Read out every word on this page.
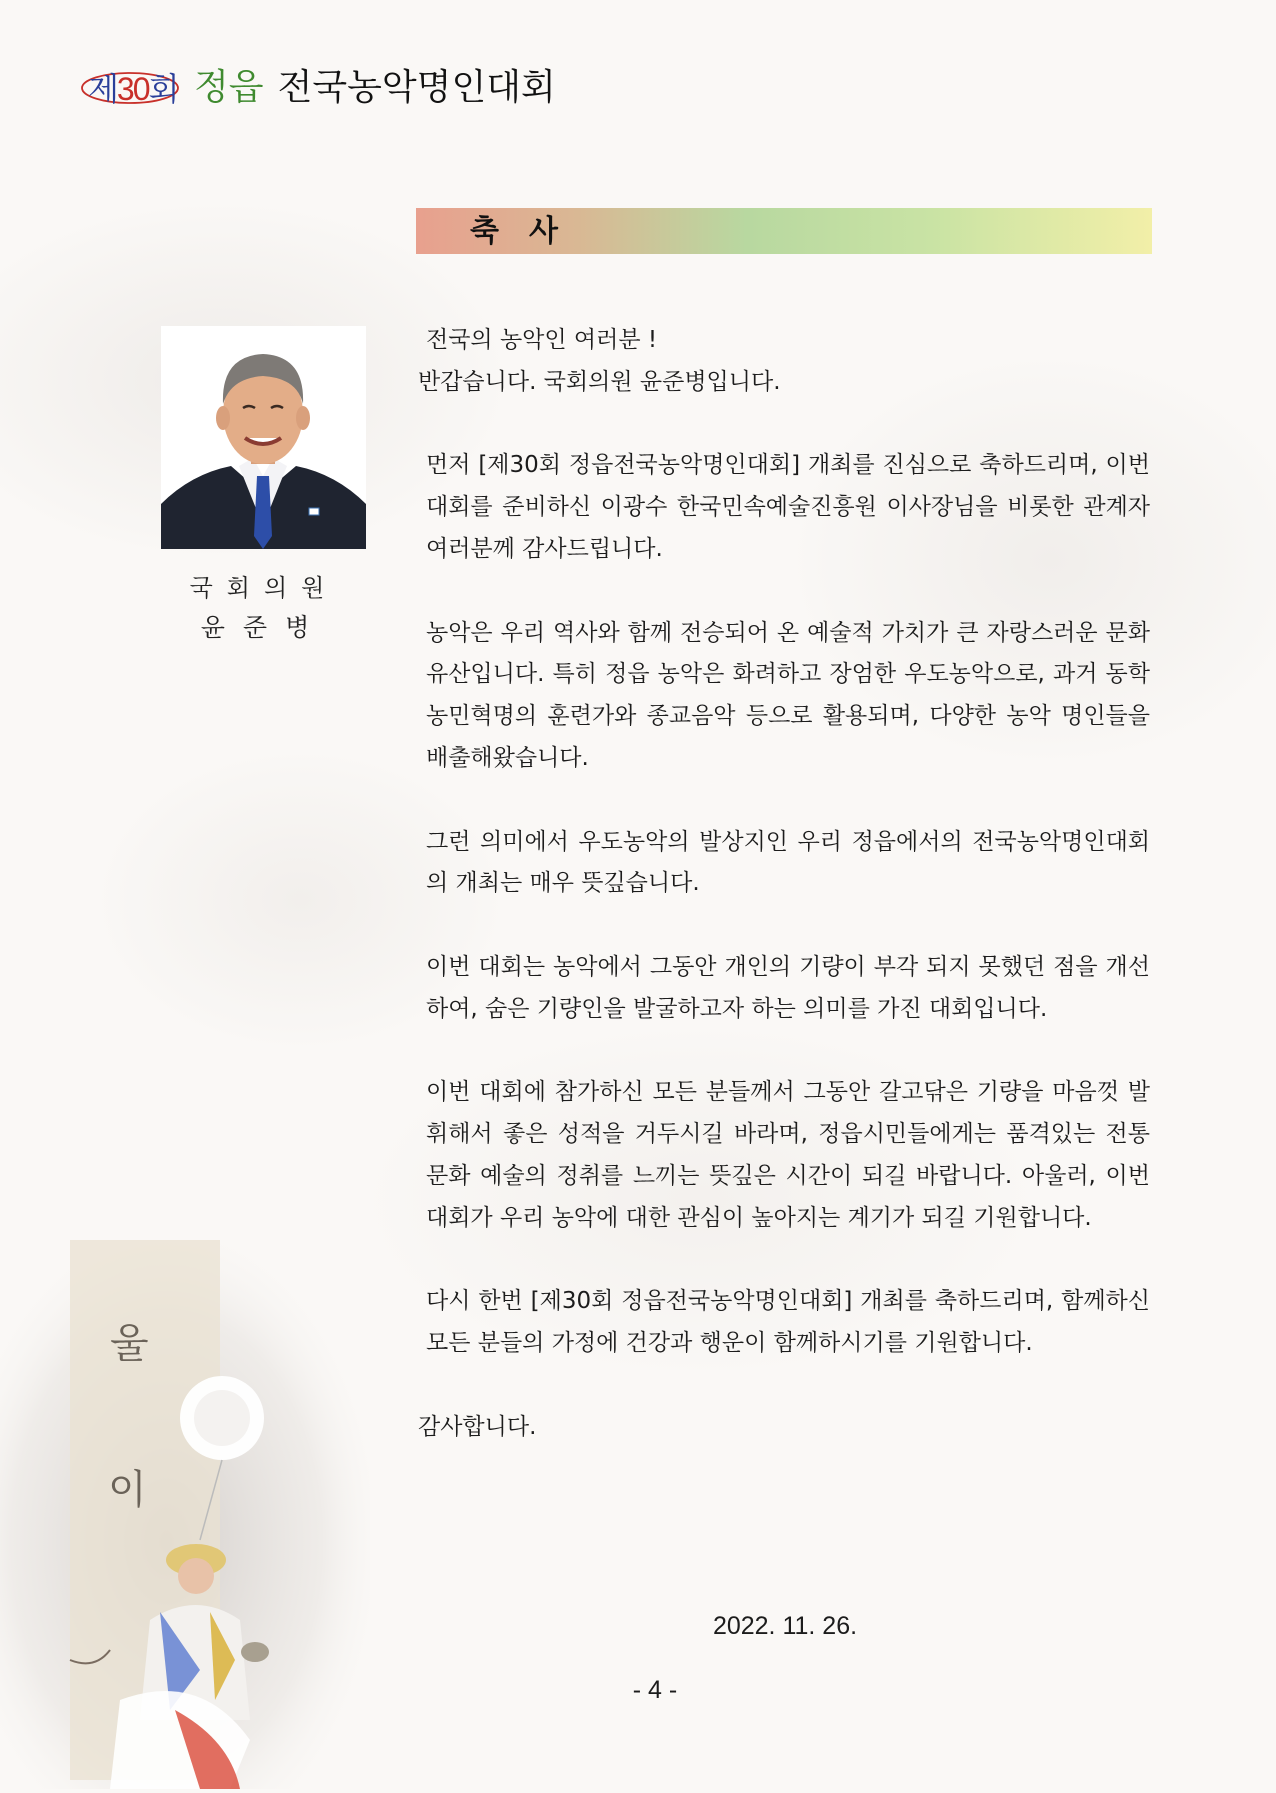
제30회 정읍 전국농악명인대회
축사
국회의원
윤준병
울
이

전국의 농악인 여러분 !
반갑습니다. 국회의원 윤준병입니다.

먼저 [제30회 정읍전국농악명인대회] 개최를 진심으로 축하드리며, 이번 대회를 준비하신 이광수 한국민속예술진흥원 이사장님을 비롯한 관계자 여러분께 감사드립니다.

농악은 우리 역사와 함께 전승되어 온 예술적 가치가 큰 자랑스러운 문화유산입니다. 특히 정읍 농악은 화려하고 장엄한 우도농악으로, 과거 동학농민혁명의 훈련가와 종교음악 등으로 활용되며, 다양한 농악 명인들을 배출해왔습니다.

그런 의미에서 우도농악의 발상지인 우리 정읍에서의 전국농악명인대회의 개최는 매우 뜻깊습니다.

이번 대회는 농악에서 그동안 개인의 기량이 부각 되지 못했던 점을 개선하여, 숨은 기량인을 발굴하고자 하는 의미를 가진 대회입니다.

이번 대회에 참가하신 모든 분들께서 그동안 갈고닦은 기량을 마음껏 발휘해서 좋은 성적을 거두시길 바라며, 정읍시민들에게는 품격있는 전통문화 예술의 정취를 느끼는 뜻깊은 시간이 되길 바랍니다. 아울러, 이번 대회가 우리 농악에 대한 관심이 높아지는 계기가 되길 기원합니다.

다시 한번 [제30회 정읍전국농악명인대회] 개최를 축하드리며, 함께하신 모든 분들의 가정에 건강과 행운이 함께하시기를 기원합니다.

감사합니다.

2022. 11. 26.
- 4 -
